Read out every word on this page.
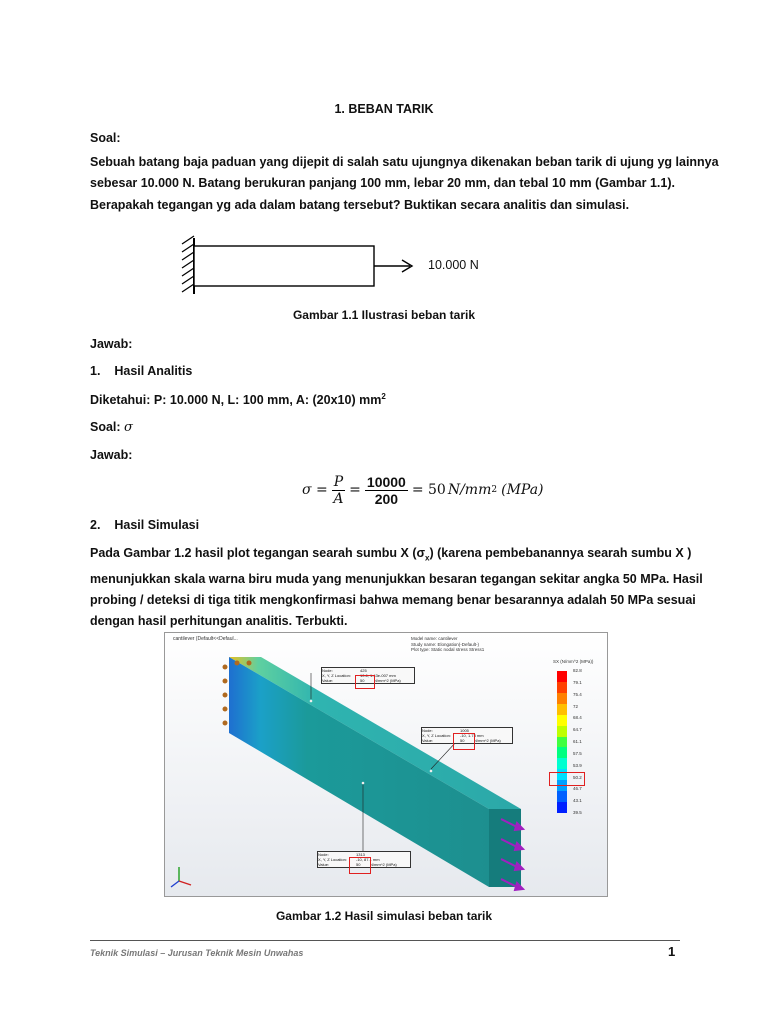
1. BEBAN TARIK
Soal:
Sebuah batang baja paduan yang dijepit di salah satu ujungnya dikenakan beban tarik di ujung yg lainnya
sebesar 10.000 N. Batang berukuran panjang 100 mm, lebar 20 mm, dan tebal 10 mm (Gambar 1.1).
Berapakah tegangan yg ada dalam batang tersebut? Buktikan secara analitis dan simulasi.
10.000 N
Gambar 1.1 Ilustrasi beban tarik
Jawab:
1. Hasil Analitis
Diketahui: P: 10.000 N, L: 100 mm, A: (20x10) $mm^2$
Soal: σ
Jawab:
$\sigma = \frac{P}{A} = \frac{10000}{200} = 50$ N/mm 2 (MPa)
2. Hasil Simulasi
Pada Gambar 1.2 hasil plot tegangan searah sumbu X $(\sigma_x)$ (karena pembebanannya searah sumbu X )
menunjukkan skala warna biru muda yang menunjukkan besaran tegangan sekitar angka 50 MPa. Hasil
probing / deteksi di tiga titik mengkonfirmasi bahwa memang benar besarannya adalah 50 MPa sesuai
dengan hasil perhitungan analitis. Terbukti.
cantilever (Default<<Defaul...	Model name: cantilever
Study name: Elongation(-Default-)
Plot type: Static nodal stress Stress1
SX (N/mm^2 (MPa))
82.8
79.1
75.4
72
68.4
64.7
61.1
57.5
53.9
50.2
46.7
43.1
39.5
Node:	425
X, Y, Z Location: 10.6, 1.43e-007 mm
Value:	50 N/mm^2 (MPa)
Node:	1005
X, Y, Z Location: -10, 1.73 mm
Value:	50 N/mm^2 (MPa)
Node:	1313
X, Y, Z Location: -10, 87.1 mm
Value:	50 N/mm^2 (MPa)
Gambar 1.2 Hasil simulasi beban tarik
Teknik Simulasi – Jurusan Teknik Mesin Unwahas	1
